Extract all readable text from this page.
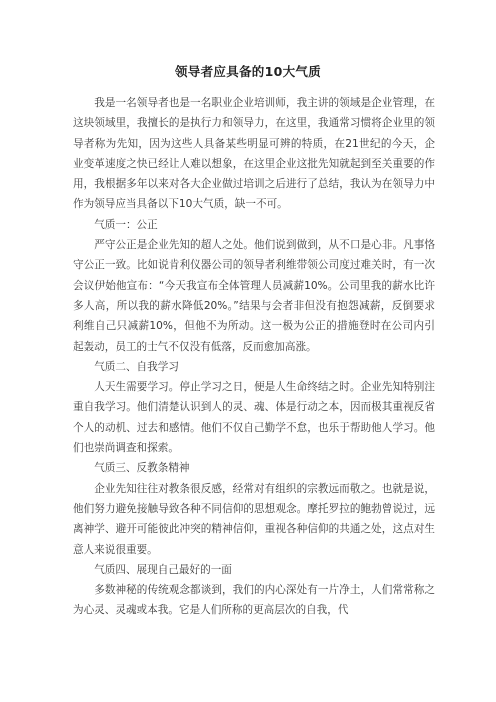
领导者应具备的10大气质

我是一名领导者也是一名职业企业培训师，我主讲的领域是企业管理，在这块领域里，我擅长的是执行力和领导力，在这里，我通常习惯将企业里的领导者称为先知，因为这些人具备某些明显可辨的特质，在21世纪的今天，企业变革速度之快已经让人难以想象，在这里企业这批先知就起到至关重要的作用，我根据多年以来对各大企业做过培训之后进行了总结，我认为在领导力中作为领导应当具备以下10大气质，缺一不可。

气质一：公正

严守公正是企业先知的超人之处。他们说到做到，从不口是心非。凡事恪守公正一致。比如说肯利仪器公司的领导者利维带领公司度过难关时，有一次会议伊始他宣布：“今天我宣布全体管理人员减薪10%。公司里我的薪水比许多人高，所以我的薪水降低20%。”结果与会者非但没有抱怨减薪，反倒要求利维自己只减薪10%，但他不为所动。这一极为公正的措施登时在公司内引起轰动，员工的士气不仅没有低落，反而愈加高涨。

气质二、自我学习

人天生需要学习。停止学习之日，便是人生命终结之时。企业先知特别注重自我学习。他们清楚认识到人的灵、魂、体是行动之本，因而极其重视反省个人的动机、过去和感情。他们不仅自己勤学不怠，也乐于帮助他人学习。他们也崇尚调查和探索。

气质三、反教条精神

企业先知往往对教条很反感，经常对有组织的宗教远而敬之。也就是说，他们努力避免接触导致各种不同信仰的思想观念。摩托罗拉的鲍勃曾说过，远离神学、避开可能彼此冲突的精神信仰，重视各种信仰的共通之处，这点对生意人来说很重要。

气质四、展现自己最好的一面

多数神秘的传统观念都谈到，我们的内心深处有一片净土，人们常常称之为心灵、灵魂或本我。它是人们所称的更高层次的自我，代
